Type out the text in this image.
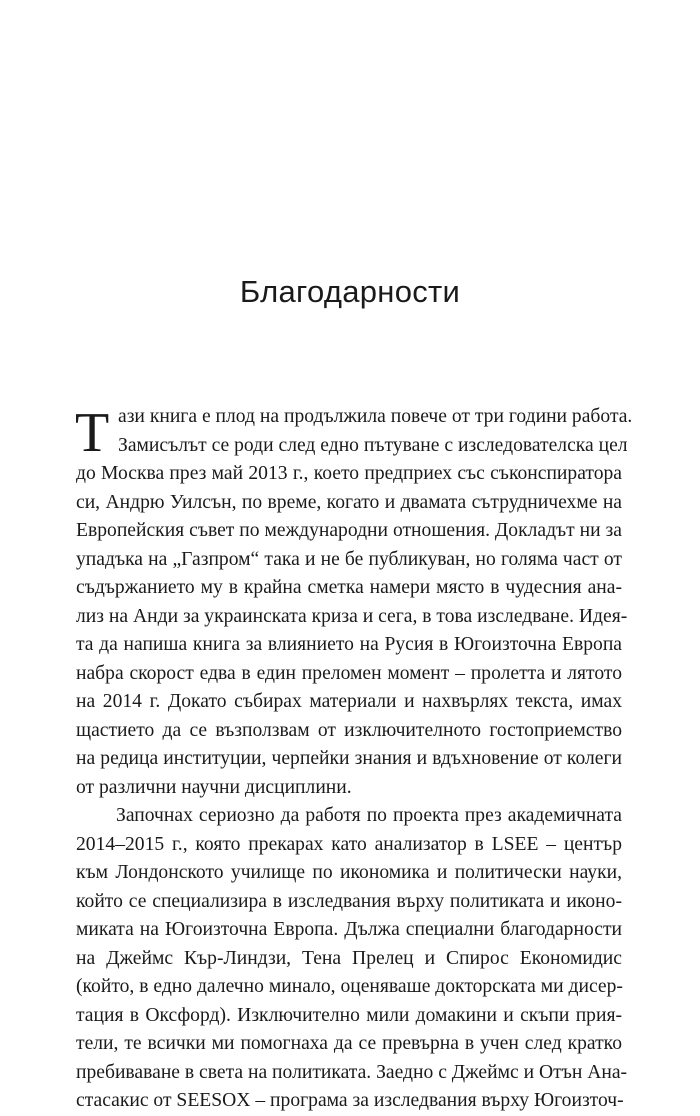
Благодарности
Т ази книга е плод на продължила повече от три години работа.
Замисълът се роди след едно пътуване с изследователска цел
до Москва през май 2013 г., което предприех със съконспиратора
си, Андрю Уилсън, по време, когато и двамата сътрудничехме на
Европейския съвет по международни отношения. Докладът ни за
упадъка на „Газпром“ така и не бе публикуван, но голяма част от
съдържанието му в крайна сметка намери място в чудесния ана-
лиз на Анди за украинската криза и сега, в това изследване. Идея-
та да напиша книга за влиянието на Русия в Югоизточна Европа
набра скорост едва в един преломен момент – пролетта и лятото
на 2014 г. Докато събирах материали и нахвърлях текста, имах
щастието да се възползвам от изключителното гостоприемство
на редица институции, черпейки знания и вдъхновение от колеги
от различни научни дисциплини.
Започнах сериозно да работя по проекта през академичната
2014–2015 г., която прекарах като анализатор в LSEE – център
към Лондонското училище по икономика и политически науки,
който се специализира в изследвания върху политиката и иконо-
миката на Югоизточна Европа. Дължа специални благодарности
на Джеймс Кър-Линдзи, Тена Прелец и Спирос Економидис
(който, в едно далечно минало, оценяваше докторската ми дисер-
тация в Оксфорд). Изключително мили домакини и скъпи прия-
тели, те всички ми помогнаха да се превърна в учен след кратко
пребиваване в света на политиката. Заедно с Джеймс и Отън Ана-
стасакис от SEESOX – програма за изследвания върху Югоизточ-
